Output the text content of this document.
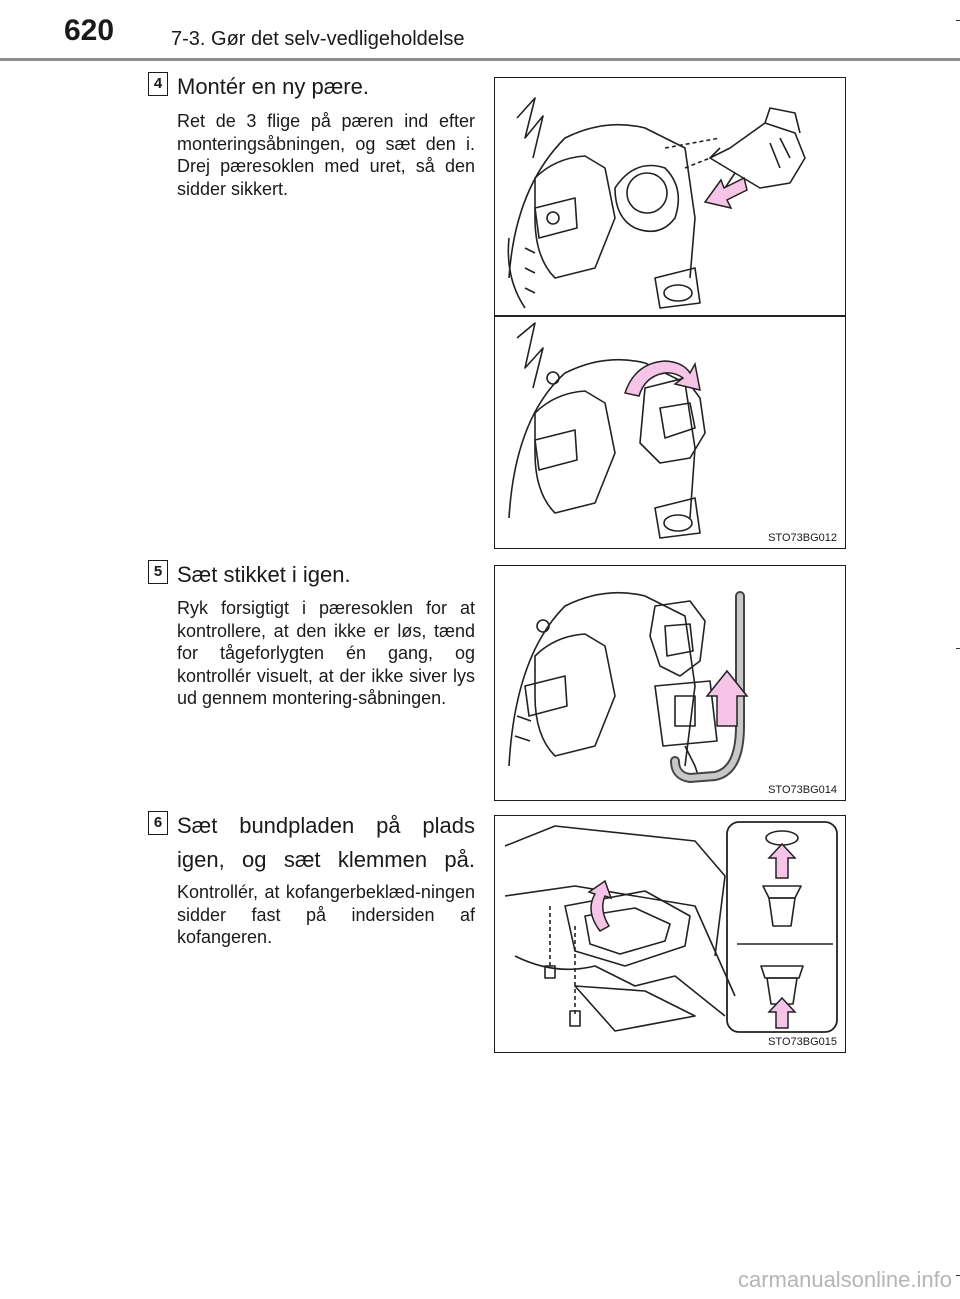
620	7-3. Gør det selv-vedligeholdelse
4 Montér en ny pære.
Ret de 3 flige på pæren ind efter monteringsåbningen, og sæt den i. Drej pæresoklen med uret, så den sidder sikkert.
STO73BG012
5 Sæt stikket i igen.
Ryk forsigtigt i pæresoklen for at kontrollere, at den ikke er løs, tænd for tågeforlygten én gang, og kontrollér visuelt, at der ikke siver lys ud gennem montering-såbningen.
STO73BG014
6 Sæt bundpladen på plads igen, og sæt klemmen på.
Kontrollér, at kofangerbeklæd-ningen sidder fast på indersiden af kofangeren.
STO73BG015
carmanualsonline.info
